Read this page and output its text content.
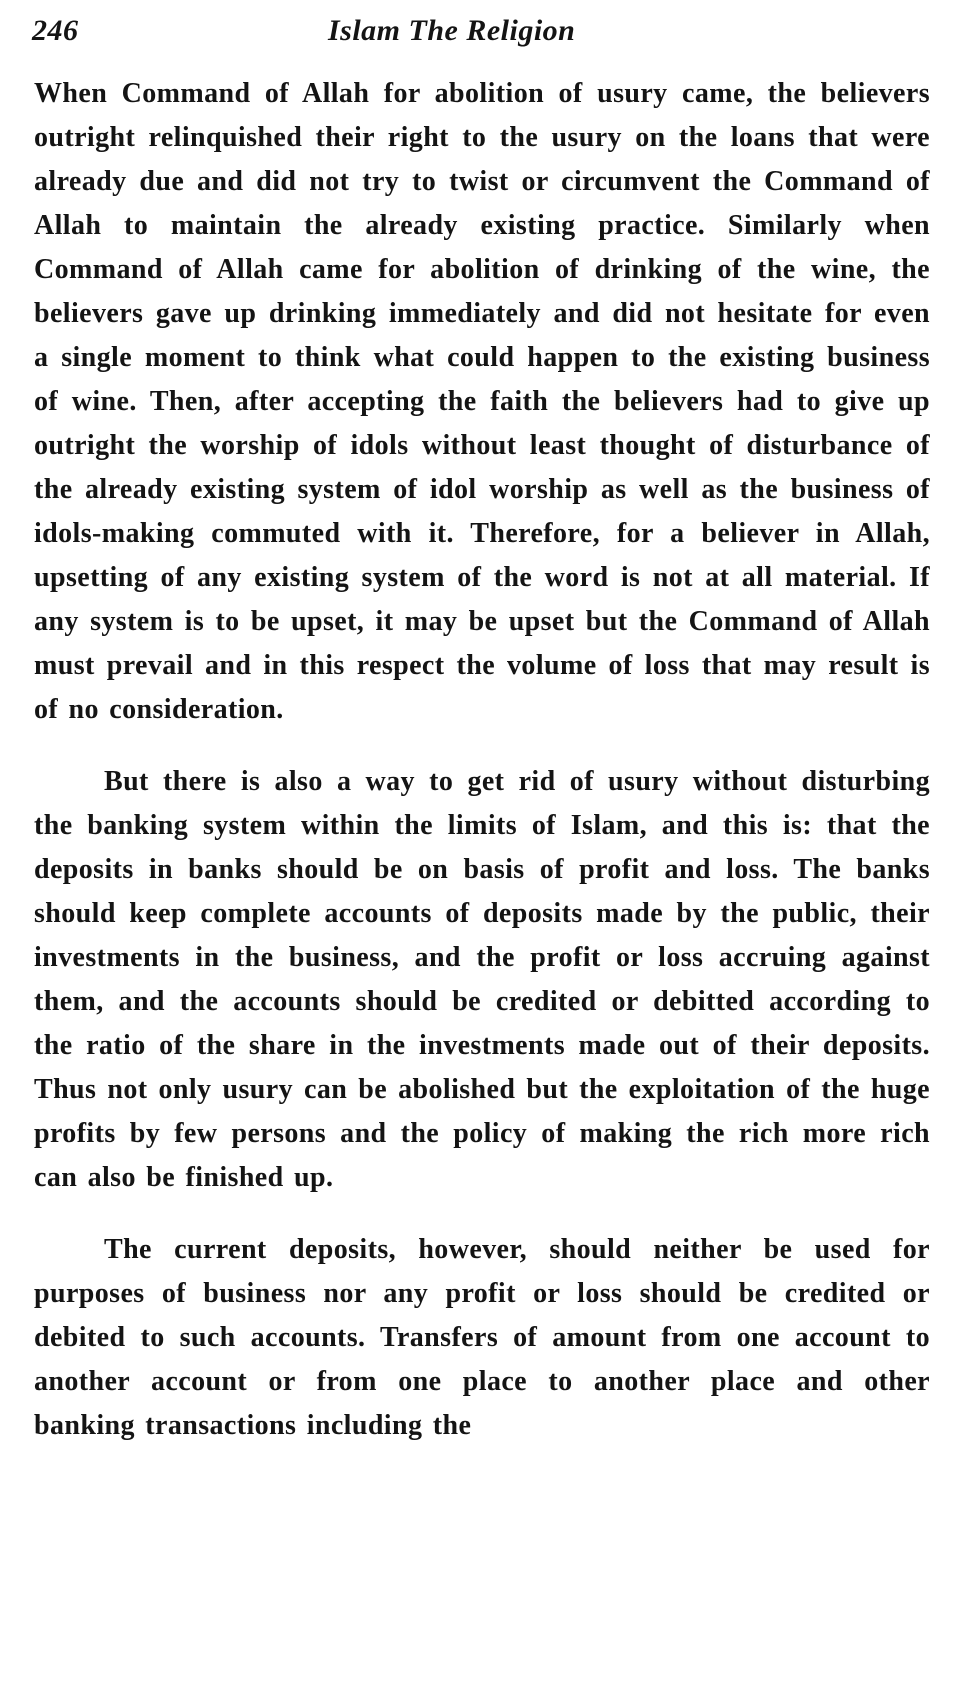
246	Islam The Religion

When Command of Allah for abolition of usury came, the believers outright relinquished their right to the usury on the loans that were already due and did not try to twist or circumvent the Command of Allah to maintain the already existing practice. Similarly when Command of Allah came for abolition of drinking of the wine, the believers gave up drinking immediately and did not hesitate for even a single moment to think what could happen to the existing business of wine. Then, after accepting the faith the believers had to give up outright the worship of idols without least thought of disturbance of the already existing system of idol worship as well as the business of idols-making commuted with it. Therefore, for a believer in Allah, upsetting of any existing system of the word is not at all material. If any system is to be upset, it may be upset but the Command of Allah must prevail and in this respect the volume of loss that may result is of no consideration.

But there is also a way to get rid of usury without disturbing the banking system within the limits of Islam, and this is: that the deposits in banks should be on basis of profit and loss. The banks should keep complete accounts of deposits made by the public, their investments in the business, and the profit or loss accruing against them, and the accounts should be credited or debitted according to the ratio of the share in the investments made out of their deposits. Thus not only usury can be abolished but the exploitation of the huge profits by few persons and the policy of making the rich more rich can also be finished up.

The current deposits, however, should neither be used for purposes of business nor any profit or loss should be credited or debited to such accounts. Transfers of amount from one account to another account or from one place to another place and other banking transactions including the
